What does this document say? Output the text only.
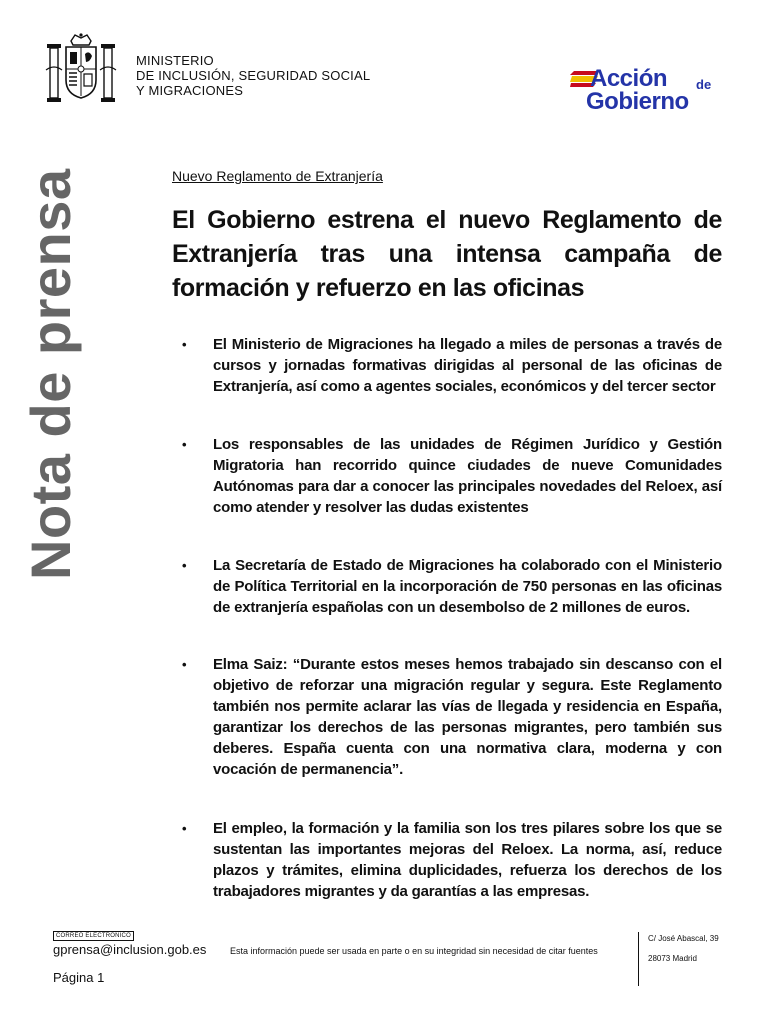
MINISTERIO
DE INCLUSIÓN, SEGURIDAD SOCIAL
Y MIGRACIONES	Acción de
Gobierno
Nota de prensa	Nuevo Reglamento de Extranjería
El Gobierno estrena el nuevo Reglamento de Extranjería tras una intensa campaña de formación y refuerzo en las oficinas
• El Ministerio de Migraciones ha llegado a miles de personas a través de cursos y jornadas formativas dirigidas al personal de las oficinas de Extranjería, así como a agentes sociales, económicos y del tercer sector
• Los responsables de las unidades de Régimen Jurídico y Gestión Migratoria han recorrido quince ciudades de nueve Comunidades Autónomas para dar a conocer las principales novedades del Reloex, así como atender y resolver las dudas existentes
• La Secretaría de Estado de Migraciones ha colaborado con el Ministerio de Política Territorial en la incorporación de 750 personas en las oficinas de extranjería españolas con un desembolso de 2 millones de euros.
• Elma Saiz: “Durante estos meses hemos trabajado sin descanso con el objetivo de reforzar una migración regular y segura. Este Reglamento también nos permite aclarar las vías de llegada y residencia en España, garantizar los derechos de las personas migrantes, pero también sus deberes. España cuenta con una normativa clara, moderna y con vocación de permanencia”.
• El empleo, la formación y la familia son los tres pilares sobre los que se sustentan las importantes mejoras del Reloex. La norma, así, reduce plazos y trámites, elimina duplicidades, refuerza los derechos de los trabajadores migrantes y da garantías a las empresas.
CORREO ELECTRÓNICO
gprensa@inclusion.gob.es	Esta información puede ser usada en parte o en su integridad sin necesidad de citar fuentes
C/ José Abascal, 39
28073 Madrid
Página 1
